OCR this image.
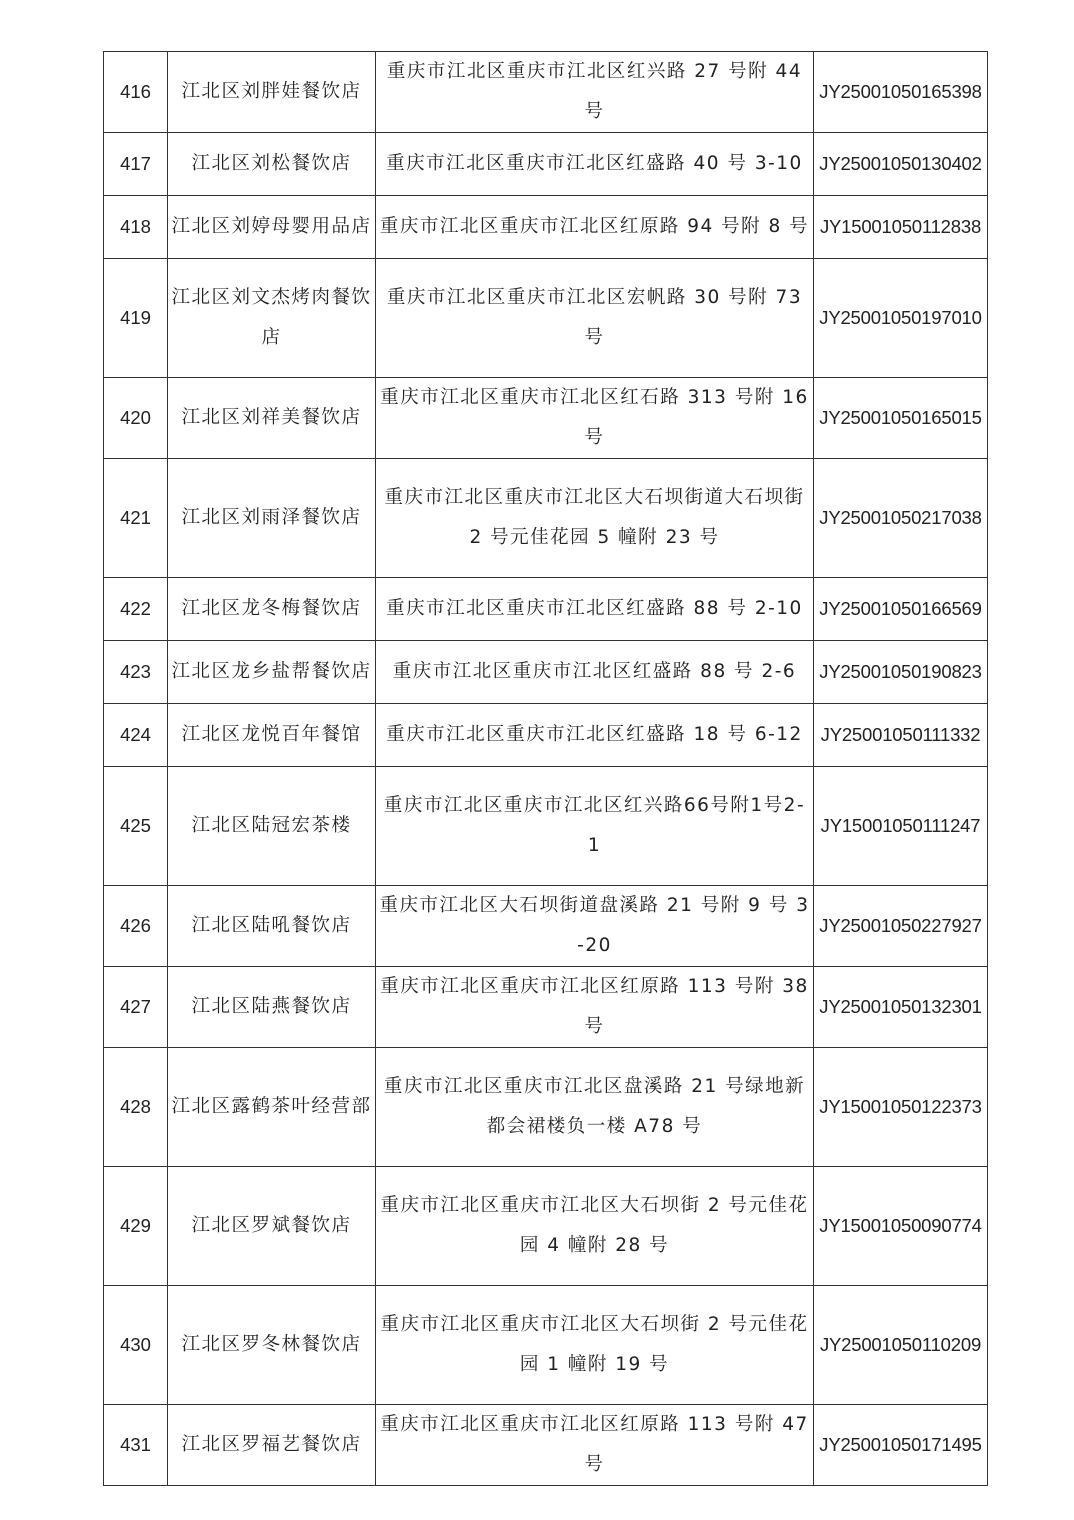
416	江北区刘胖娃餐饮店	重庆市江北区重庆市江北区红兴路 27 号附 44 号	JY25001050165398
417	江北区刘松餐饮店	重庆市江北区重庆市江北区红盛路 40 号 3-10	JY25001050130402
418	江北区刘婷母婴用品店	重庆市江北区重庆市江北区红原路 94 号附 8 号	JY15001050112838
419	江北区刘文杰烤肉餐饮店	重庆市江北区重庆市江北区宏帆路 30 号附 73 号	JY25001050197010
420	江北区刘祥美餐饮店	重庆市江北区重庆市江北区红石路 313 号附 16 号	JY25001050165015
421	江北区刘雨泽餐饮店	重庆市江北区重庆市江北区大石坝街道大石坝街 2 号元佳花园 5 幢附 23 号	JY25001050217038
422	江北区龙冬梅餐饮店	重庆市江北区重庆市江北区红盛路 88 号 2-10	JY25001050166569
423	江北区龙乡盐帮餐饮店	重庆市江北区重庆市江北区红盛路 88 号 2-6	JY25001050190823
424	江北区龙悦百年餐馆	重庆市江北区重庆市江北区红盛路 18 号 6-12	JY25001050111332
425	江北区陆冠宏茶楼	重庆市江北区重庆市江北区红兴路66号附1号2-1	JY15001050111247
426	江北区陆吼餐饮店	重庆市江北区大石坝街道盘溪路 21 号附 9 号 3-20	JY25001050227927
427	江北区陆燕餐饮店	重庆市江北区重庆市江北区红原路 113 号附 38 号	JY25001050132301
428	江北区露鹤茶叶经营部	重庆市江北区重庆市江北区盘溪路 21 号绿地新都会裙楼负一楼 A78 号	JY15001050122373
429	江北区罗斌餐饮店	重庆市江北区重庆市江北区大石坝街 2 号元佳花园 4 幢附 28 号	JY15001050090774
430	江北区罗冬林餐饮店	重庆市江北区重庆市江北区大石坝街 2 号元佳花园 1 幢附 19 号	JY25001050110209
431	江北区罗福艺餐饮店	重庆市江北区重庆市江北区红原路 113 号附 47 号	JY25001050171495
